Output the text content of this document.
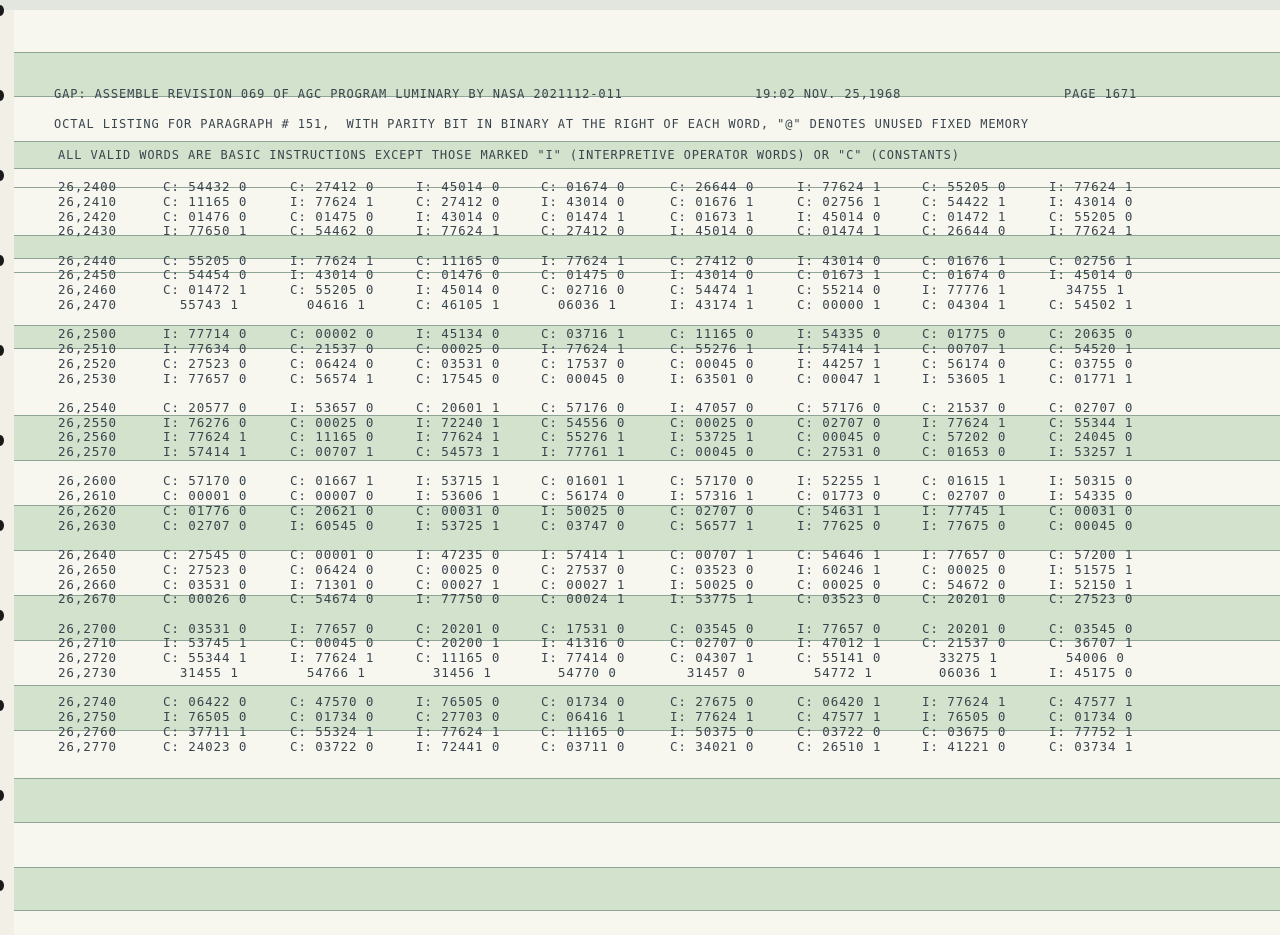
GAP: ASSEMBLE REVISION 069 OF AGC PROGRAM LUMINARY BY NASA 2021112-011	19:02 NOV. 25,1968	PAGE 1671
OCTAL LISTING FOR PARAGRAPH # 151,  WITH PARITY BIT IN BINARY AT THE RIGHT OF EACH WORD, "@" DENOTES UNUSED FIXED MEMORY
ALL VALID WORDS ARE BASIC INSTRUCTIONS EXCEPT THOSE MARKED "I" (INTERPRETIVE OPERATOR WORDS) OR "C" (CONSTANTS)
26,2400	C: 54432 0	C: 27412 0	I: 45014 0	C: 01674 0	C: 26644 0	I: 77624 1	C: 55205 0	I: 77624 1
26,2410	C: 11165 0	I: 77624 1	C: 27412 0	I: 43014 0	C: 01676 1	C: 02756 1	C: 54422 1	I: 43014 0
26,2420	C: 01476 0	C: 01475 0	I: 43014 0	C: 01474 1	C: 01673 1	I: 45014 0	C: 01472 1	C: 55205 0
26,2430	I: 77650 1	C: 54462 0	I: 77624 1	C: 27412 0	I: 45014 0	C: 01474 1	C: 26644 0	I: 77624 1
26,2440	C: 55205 0	I: 77624 1	C: 11165 0	I: 77624 1	C: 27412 0	I: 43014 0	C: 01676 1	C: 02756 1
26,2450	C: 54454 0	I: 43014 0	C: 01476 0	C: 01475 0	I: 43014 0	C: 01673 1	C: 01674 0	I: 45014 0
26,2460	C: 01472 1	C: 55205 0	I: 45014 0	C: 02716 0	C: 54474 1	C: 55214 0	I: 77776 1	34755 1
26,2470	55743 1	04616 1	C: 46105 1	06036 1	I: 43174 1	C: 00000 1	C: 04304 1	C: 54502 1
26,2500	I: 77714 0	C: 00002 0	I: 45134 0	C: 03716 1	C: 11165 0	I: 54335 0	C: 01775 0	C: 20635 0
26,2510	I: 77634 0	C: 21537 0	C: 00025 0	I: 77624 1	C: 55276 1	I: 57414 1	C: 00707 1	C: 54520 1
26,2520	C: 27523 0	C: 06424 0	C: 03531 0	C: 17537 0	C: 00045 0	I: 44257 1	C: 56174 0	C: 03755 0
26,2530	I: 77657 0	C: 56574 1	C: 17545 0	C: 00045 0	I: 63501 0	C: 00047 1	I: 53605 1	C: 01771 1
26,2540	C: 20577 0	I: 53657 0	C: 20601 1	C: 57176 0	I: 47057 0	C: 57176 0	C: 21537 0	C: 02707 0
26,2550	I: 76276 0	C: 00025 0	I: 72240 1	C: 54556 0	C: 00025 0	C: 02707 0	I: 77624 1	C: 55344 1
26,2560	I: 77624 1	C: 11165 0	I: 77624 1	C: 55276 1	I: 53725 1	C: 00045 0	C: 57202 0	C: 24045 0
26,2570	I: 57414 1	C: 00707 1	C: 54573 1	I: 77761 1	C: 00045 0	C: 27531 0	C: 01653 0	I: 53257 1
26,2600	C: 57170 0	C: 01667 1	I: 53715 1	C: 01601 1	C: 57170 0	I: 52255 1	C: 01615 1	I: 50315 0
26,2610	C: 00001 0	C: 00007 0	I: 53606 1	C: 56174 0	I: 57316 1	C: 01773 0	C: 02707 0	I: 54335 0
26,2620	C: 01776 0	C: 20621 0	C: 00031 0	I: 50025 0	C: 02707 0	C: 54631 1	I: 77745 1	C: 00031 0
26,2630	C: 02707 0	I: 60545 0	I: 53725 1	C: 03747 0	C: 56577 1	I: 77625 0	I: 77675 0	C: 00045 0
26,2640	C: 27545 0	C: 00001 0	I: 47235 0	I: 57414 1	C: 00707 1	C: 54646 1	I: 77657 0	C: 57200 1
26,2650	C: 27523 0	C: 06424 0	C: 00025 0	C: 27537 0	C: 03523 0	I: 60246 1	C: 00025 0	I: 51575 1
26,2660	C: 03531 0	I: 71301 0	C: 00027 1	C: 00027 1	I: 50025 0	C: 00025 0	C: 54672 0	I: 52150 1
26,2670	C: 00026 0	C: 54674 0	I: 77750 0	C: 00024 1	I: 53775 1	C: 03523 0	C: 20201 0	C: 27523 0
26,2700	C: 03531 0	I: 77657 0	C: 20201 0	C: 17531 0	C: 03545 0	I: 77657 0	C: 20201 0	C: 03545 0
26,2710	I: 53745 1	C: 00045 0	C: 20200 1	I: 41316 0	C: 02707 0	I: 47012 1	C: 21537 0	C: 36707 1
26,2720	C: 55344 1	I: 77624 1	C: 11165 0	I: 77414 0	C: 04307 1	C: 55141 0	33275 1	54006 0
26,2730	31455 1	54766 1	31456 1	54770 0	31457 0	54772 1	06036 1	I: 45175 0
26,2740	C: 06422 0	C: 47570 0	I: 76505 0	C: 01734 0	C: 27675 0	C: 06420 1	I: 77624 1	C: 47577 1
26,2750	I: 76505 0	C: 01734 0	C: 27703 0	C: 06416 1	I: 77624 1	C: 47577 1	I: 76505 0	C: 01734 0
26,2760	C: 37711 1	C: 55324 1	I: 77624 1	C: 11165 0	I: 50375 0	C: 03722 0	C: 03675 0	I: 77752 1
26,2770	C: 24023 0	C: 03722 0	I: 72441 0	C: 03711 0	C: 34021 0	C: 26510 1	I: 41221 0	C: 03734 1
